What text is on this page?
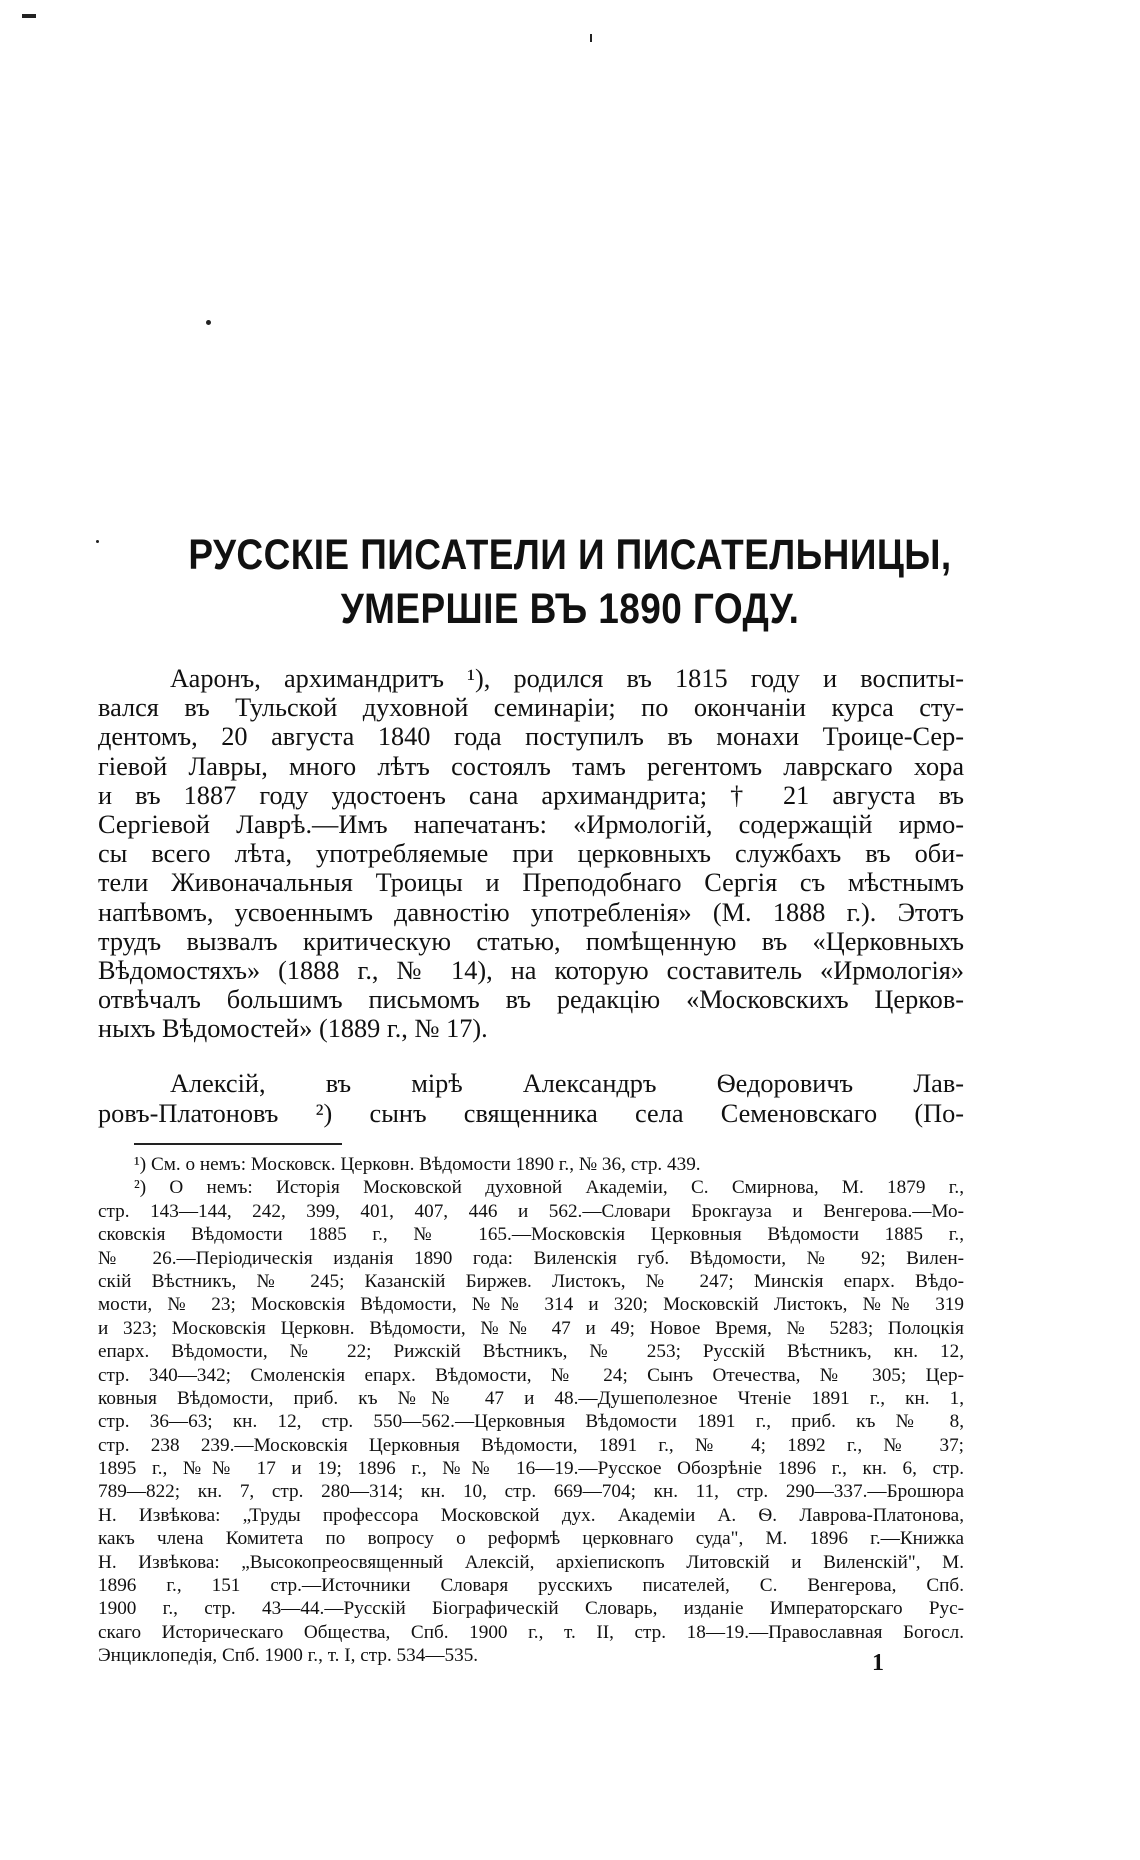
РУССКІЕ ПИСАТЕЛИ И ПИСАТЕЛЬНИЦЫ,
УМЕРШІЕ ВЪ 1890 ГОДУ.
Ааронъ, архимандритъ ¹), родился въ 1815 году и воспиты-
вался въ Тульской духовной семинаріи; по окончаніи курса сту-
дентомъ, 20 августа 1840 года поступилъ въ монахи Троице-Сер-
гіевой Лавры, много лѣтъ состоялъ тамъ регентомъ лаврскаго хора
и въ 1887 году удостоенъ сана архимандрита; † 21 августа въ
Сергіевой Лаврѣ.—Имъ напечатанъ: «Ирмологій, содержащій ирмо-
сы всего лѣта, употребляемые при церковныхъ службахъ въ оби-
тели Живоначальныя Троицы и Преподобнаго Сергія съ мѣстнымъ
напѣвомъ, усвоеннымъ давностію употребленія» (М. 1888 г.). Этотъ
трудъ вызвалъ критическую статью, помѣщенную въ «Церковныхъ
Вѣдомостяхъ» (1888 г., № 14), на которую составитель «Ирмологія»
отвѣчалъ большимъ письмомъ въ редакцію «Московскихъ Церков-
ныхъ Вѣдомостей» (1889 г., № 17).
Алексій, въ мірѣ Александръ Ѳедоровичъ Лав-
ровъ-Платоновъ ²) сынъ священника села Семеновскаго (По-
¹) См. о немъ: Московск. Церковн. Вѣдомости 1890 г., № 36, стр. 439.
²) О немъ: Исторія Московской духовной Академіи, С. Смирнова, М. 1879 г.,
стр. 143—144, 242, 399, 401, 407, 446 и 562.—Словари Брокгауза и Венгерова.—Мо-
сковскія Вѣдомости 1885 г., № 165.—Московскія Церковныя Вѣдомости 1885 г.,
№ 26.—Періодическія изданія 1890 года: Виленскія губ. Вѣдомости, № 92; Вилен-
скій Вѣстникъ, № 245; Казанскій Биржев. Листокъ, № 247; Минскія епарх. Вѣдо-
мости, № 23; Московскія Вѣдомости, №№ 314 и 320; Московскій Листокъ, №№ 319
и 323; Московскія Церковн. Вѣдомости, №№ 47 и 49; Новое Время, № 5283; Полоцкія
епарх. Вѣдомости, № 22; Рижскій Вѣстникъ, № 253; Русскій Вѣстникъ, кн. 12,
стр. 340—342; Смоленскія епарх. Вѣдомости, № 24; Сынъ Отечества, № 305; Цер-
ковныя Вѣдомости, приб. къ №№ 47 и 48.—Душеполезное Чтеніе 1891 г., кн. 1,
стр. 36—63; кн. 12, стр. 550—562.—Церковныя Вѣдомости 1891 г., приб. къ № 8,
стр. 238 239.—Московскія Церковныя Вѣдомости, 1891 г., № 4; 1892 г., № 37;
1895 г., №№ 17 и 19; 1896 г., №№ 16—19.—Русское Обозрѣніе 1896 г., кн. 6, стр.
789—822; кн. 7, стр. 280—314; кн. 10, стр. 669—704; кн. 11, стр. 290—337.—Брошюра
Н. Извѣкова: „Труды профессора Московской дух. Академіи А. Ѳ. Лаврова-Платонова,
какъ члена Комитета по вопросу о реформѣ церковнаго суда", М. 1896 г.—Книжка
Н. Извѣкова: „Высокопреосвященный Алексій, архіепископъ Литовскій и Виленскій", М.
1896 г., 151 стр.—Источники Словаря русскихъ писателей, С. Венгерова, Спб.
1900 г., стр. 43—44.—Русскій Біографическій Словарь, изданіе Императорскаго Рус-
скаго Историческаго Общества, Спб. 1900 г., т. II, стр. 18—19.—Православная Богосл.
Энциклопедія, Спб. 1900 г., т. I, стр. 534—535.	1
